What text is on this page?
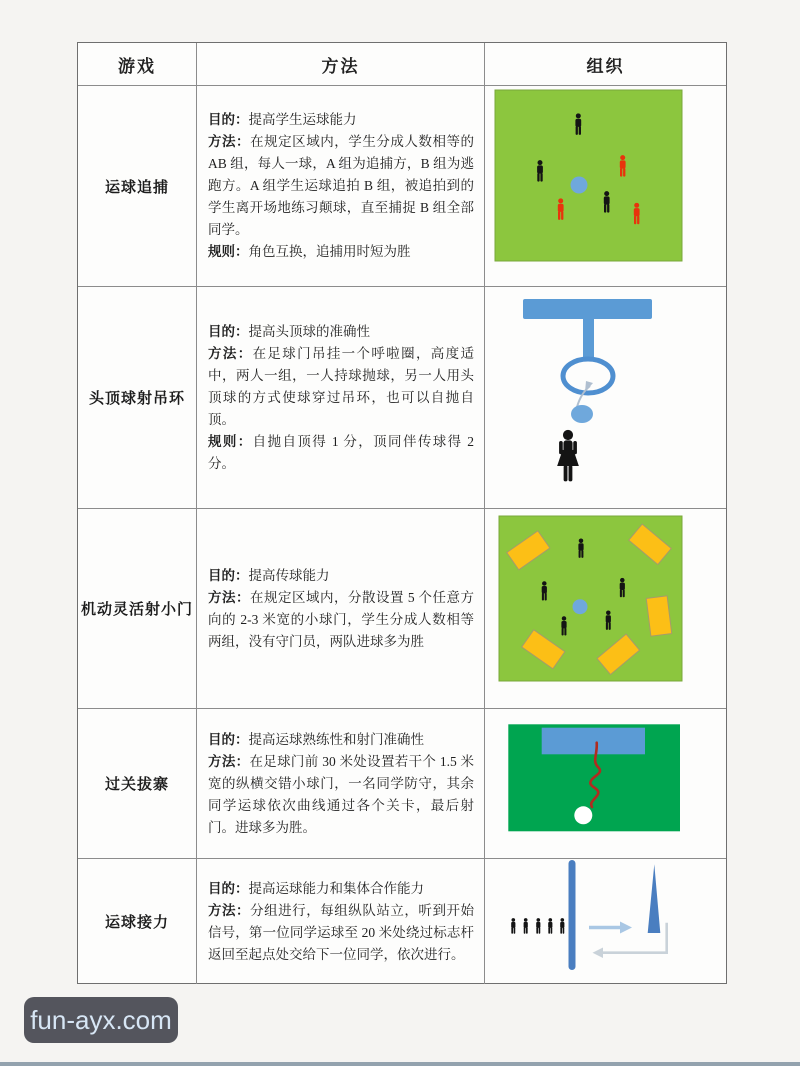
游戏	方法	组织
运球追捕

目的：提高学生运球能力

方法：在规定区域内，学生分成人数相等的 AB 组，每人一球，A 组为追捕方，B 组为逃跑方。A 组学生运球追拍 B 组，被追拍到的学生离开场地练习颠球，直至捕捉 B 组全部同学。

规则：角色互换，追捕用时短为胜

头顶球射吊环

目的：提高头顶球的准确性

方法：在足球门吊挂一个呼啦圈，高度适中，两人一组，一人持球抛球，另一人用头顶球的方式使球穿过吊环，也可以自抛自顶。

规则：自抛自顶得 1 分，顶同伴传球得 2 分。

机动灵活射小门

目的：提高传球能力

方法：在规定区域内，分散设置 5 个任意方向的 2-3 米宽的小球门，学生分成人数相等两组，没有守门员，两队进球多为胜

过关拔寨

目的：提高运球熟练性和射门准确性

方法：在足球门前 30 米处设置若干个 1.5 米宽的纵横交错小球门，一名同学防守，其余同学运球依次曲线通过各个关卡，最后射门。进球多为胜。

运球接力

目的：提高运球能力和集体合作能力

方法：分组进行，每组纵队站立，听到开始信号，第一位同学运球至 20 米处绕过标志杆返回至起点处交给下一位同学，依次进行。

fun-ayx.com
